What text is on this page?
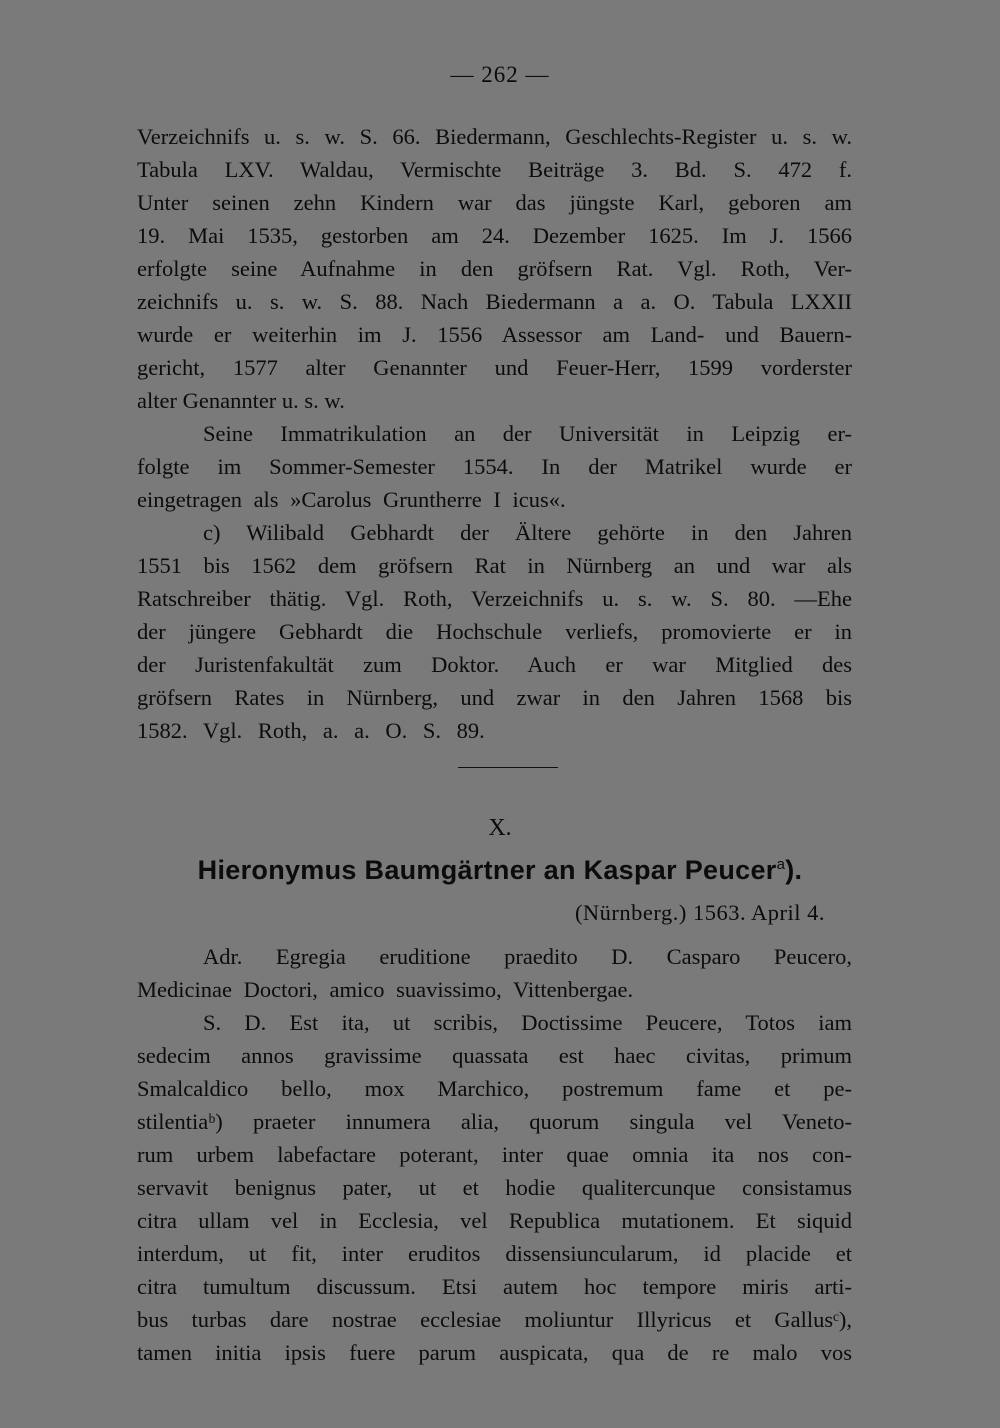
— 262 —
Verzeichnifs u. s. w. S. 66. Biedermann, Geschlechts-Register u. s. w.
Tabula LXV. Waldau, Vermischte Beiträge 3. Bd. S. 472 f.
Unter seinen zehn Kindern war das jüngste Karl, geboren am
19. Mai 1535, gestorben am 24. Dezember 1625. Im J. 1566
erfolgte seine Aufnahme in den gröfsern Rat. Vgl. Roth, Ver-
zeichnifs u. s. w. S. 88. Nach Biedermann a a. O. Tabula LXXII
wurde er weiterhin im J. 1556 Assessor am Land- und Bauern-
gericht, 1577 alter Genannter und Feuer-Herr, 1599 vorderster
alter Genannter u. s. w.
Seine Immatrikulation an der Universität in Leipzig er-
folgte im Sommer-Semester 1554. In der Matrikel wurde er
eingetragen als »Carolus Gruntherre I icus«.
c) Wilibald Gebhardt der Ältere gehörte in den Jahren
1551 bis 1562 dem gröfsern Rat in Nürnberg an und war als
Ratschreiber thätig. Vgl. Roth, Verzeichnifs u. s. w. S. 80. —Ehe
der jüngere Gebhardt die Hochschule verliefs, promovierte er in
der Juristenfakultät zum Doktor. Auch er war Mitglied des
gröfsern Rates in Nürnberg, und zwar in den Jahren 1568 bis
1582. Vgl. Roth, a. a. O. S. 89.
X.
Hieronymus Baumgärtner an Kaspar Peucer$^a$).
(Nürnberg.) 1563. April 4.
Adr. Egregia eruditione praedito D. Casparo Peucero,
Medicinae Doctori, amico suavissimo, Vittenbergae.
S. D. Est ita, ut scribis, Doctissime Peucere, Totos iam
sedecim annos gravissime quassata est haec civitas, primum
Smalcaldico bello, mox Marchico, postremum fame et pe-
stilentiaᵇ) praeter innumera alia, quorum singula vel Veneto-
rum urbem labefactare poterant, inter quae omnia ita nos con-
servavit benignus pater, ut et hodie qualitercunque consistamus
citra ullam vel in Ecclesia, vel Republica mutationem. Et siquid
interdum, ut fit, inter eruditos dissensiuncularum, id placide et
citra tumultum discussum. Etsi autem hoc tempore miris arti-
bus turbas dare nostrae ecclesiae moliuntur Illyricus et Gallusᶜ),
tamen initia ipsis fuere parum auspicata, qua de re malo vos
